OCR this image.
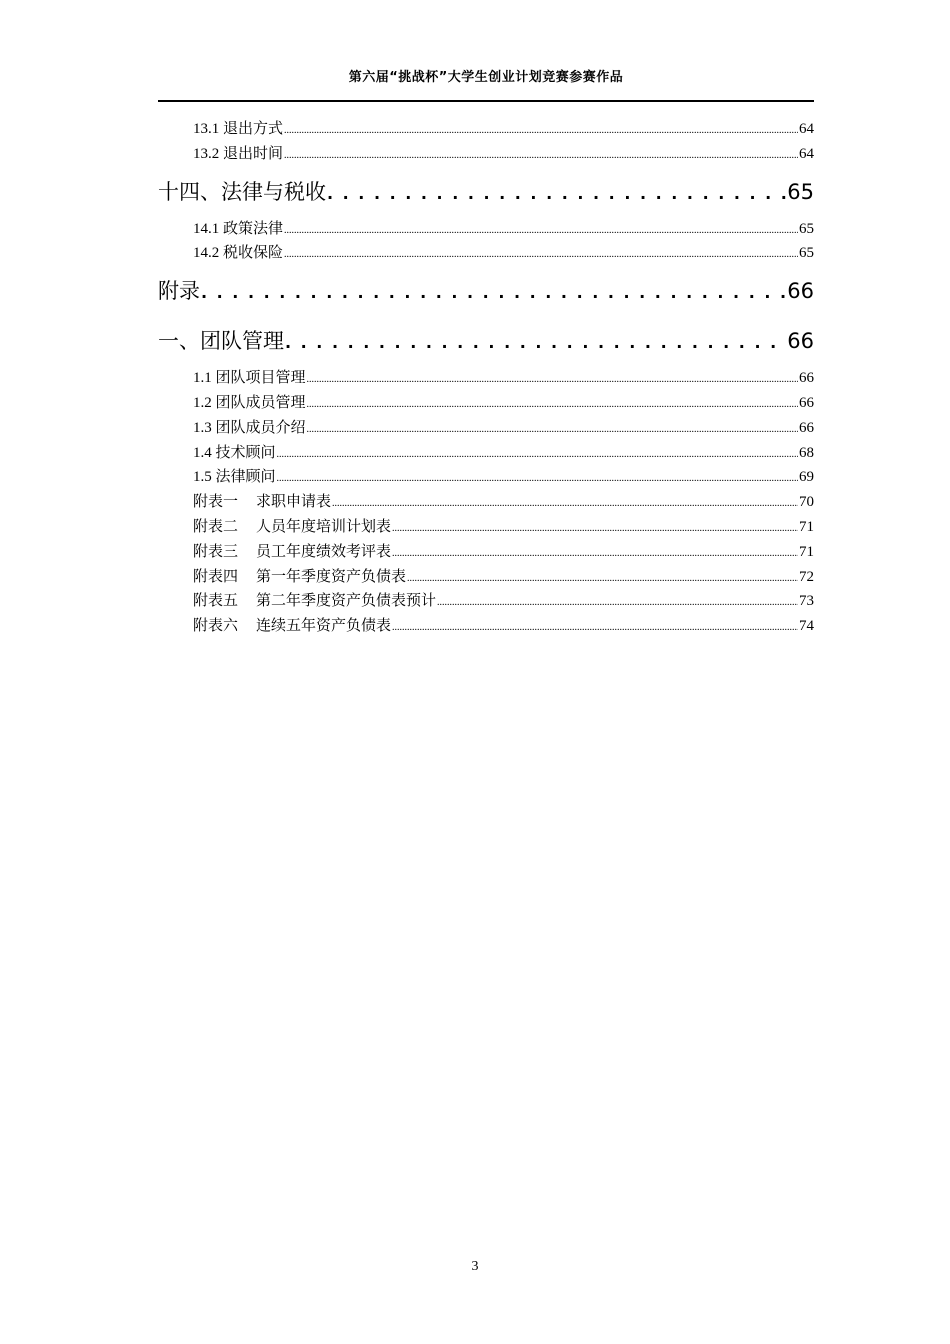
第六届“挑战杯”大学生创业计划竞赛参赛作品
13.1 退出方式 .....	64
13.2 退出时间 .....	64
十四、法律与税收 . . .	65
14.1 政策法律 .....	65
14.2 税收保险 .....	65
附录 . . .	66
一、团队管理 . . .	66
1.1 团队项目管理 .....	66
1.2 团队成员管理 .....	66
1.3 团队成员介绍 .....	66
1.4 技术顾问 .....	68
1.5 法律顾问 .....	69
附表一 求职申请表 .....	70
附表二 人员年度培训计划表 .....	71
附表三 员工年度绩效考评表 .....	71
附表四 第一年季度资产负债表 .....	72
附表五 第二年季度资产负债表预计 .....	73
附表六 连续五年资产负债表 .....	74
3
